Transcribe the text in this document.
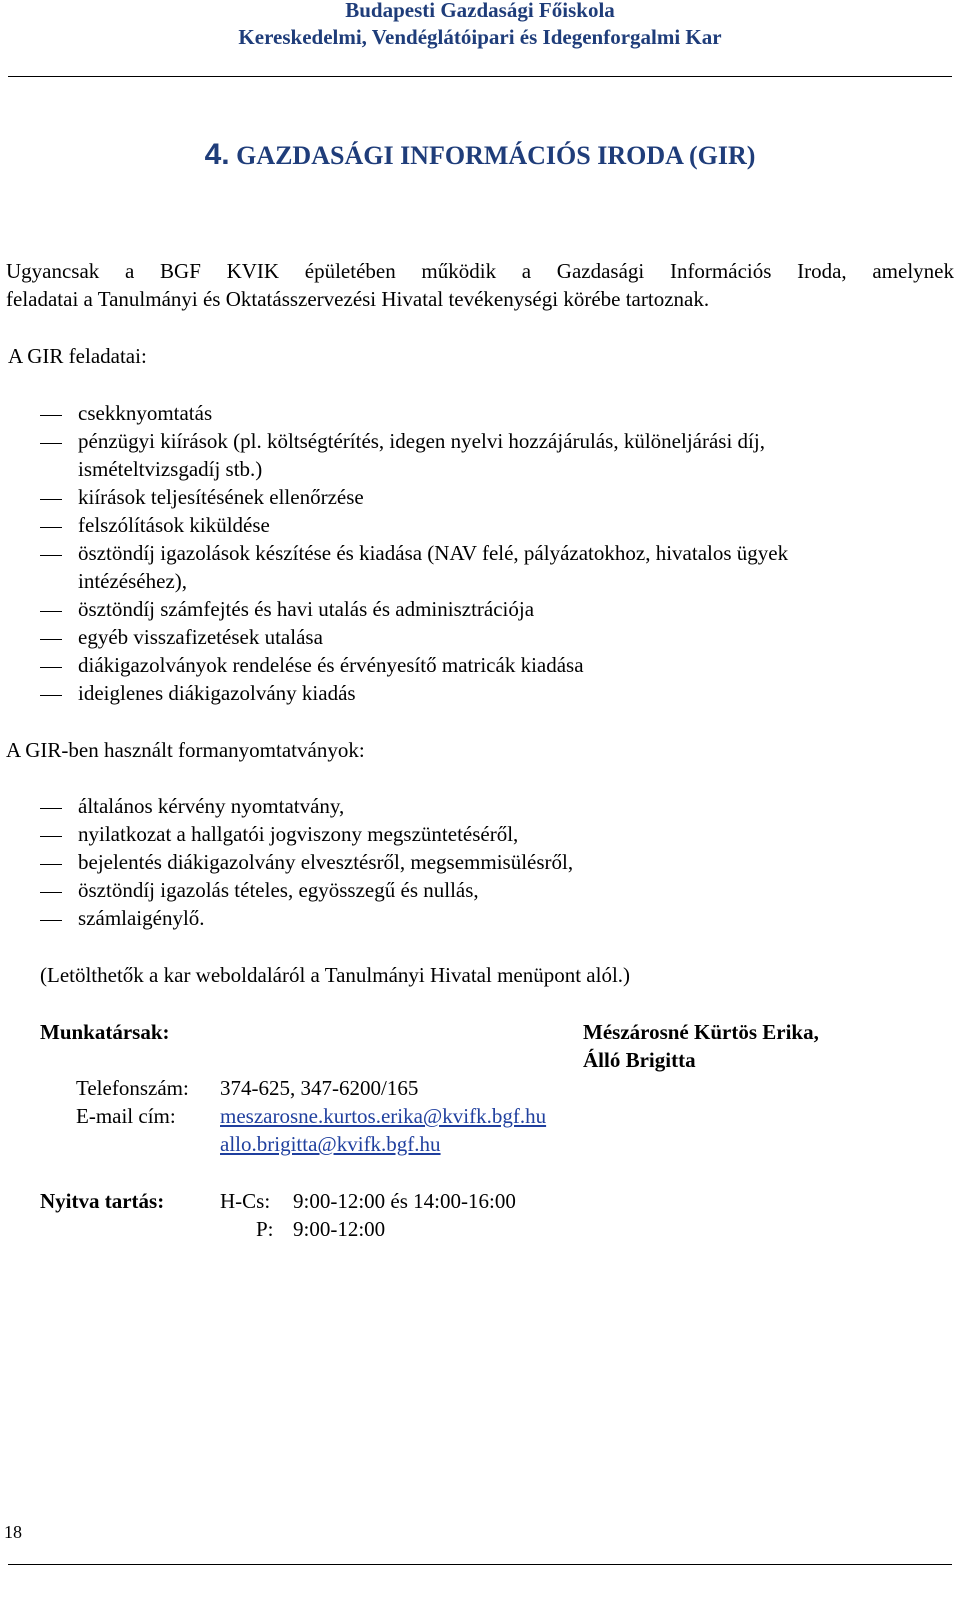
Budapesti Gazdasági Főiskola
Kereskedelmi, Vendéglátóipari és Idegenforgalmi Kar
4. GAZDASÁGI INFORMÁCIÓS IRODA (GIR)
Ugyancsak a BGF KVIK épületében működik a Gazdasági Információs Iroda, amelynek
feladatai a Tanulmányi és Oktatásszervezési Hivatal tevékenységi körébe tartoznak.
A GIR feladatai:
csekknyomtatás
pénzügyi kiírások (pl. költségtérítés, idegen nyelvi hozzájárulás, különeljárási díj,
ismételtvizsgadíj stb.)
kiírások teljesítésének ellenőrzése
felszólítások kiküldése
ösztöndíj igazolások készítése és kiadása (NAV felé, pályázatokhoz, hivatalos ügyek
intézéséhez),
ösztöndíj számfejtés és havi utalás és adminisztrációja
egyéb visszafizetések utalása
diákigazolványok rendelése és érvényesítő matricák kiadása
ideiglenes diákigazolvány kiadás
A GIR-ben használt formanyomtatványok:
általános kérvény nyomtatvány,
nyilatkozat a hallgatói jogviszony megszüntetéséről,
bejelentés diákigazolvány elvesztésről, megsemmisülésről,
ösztöndíj igazolás tételes, egyösszegű és nullás,
számlaigénylő.
(Letölthetők a kar weboldaláról a Tanulmányi Hivatal menüpont alól.)
Munkatársak:	Mészárosné Kürtös Erika,
Álló Brigitta
Telefonszám: 374-625, 347-6200/165
E-mail cím: meszarosne.kurtos.erika@kvifk.bgf.hu
allo.brigitta@kvifk.bgf.hu
Nyitva tartás:	H-Cs: 9:00-12:00 és 14:00-16:00
P: 9:00-12:00
18
